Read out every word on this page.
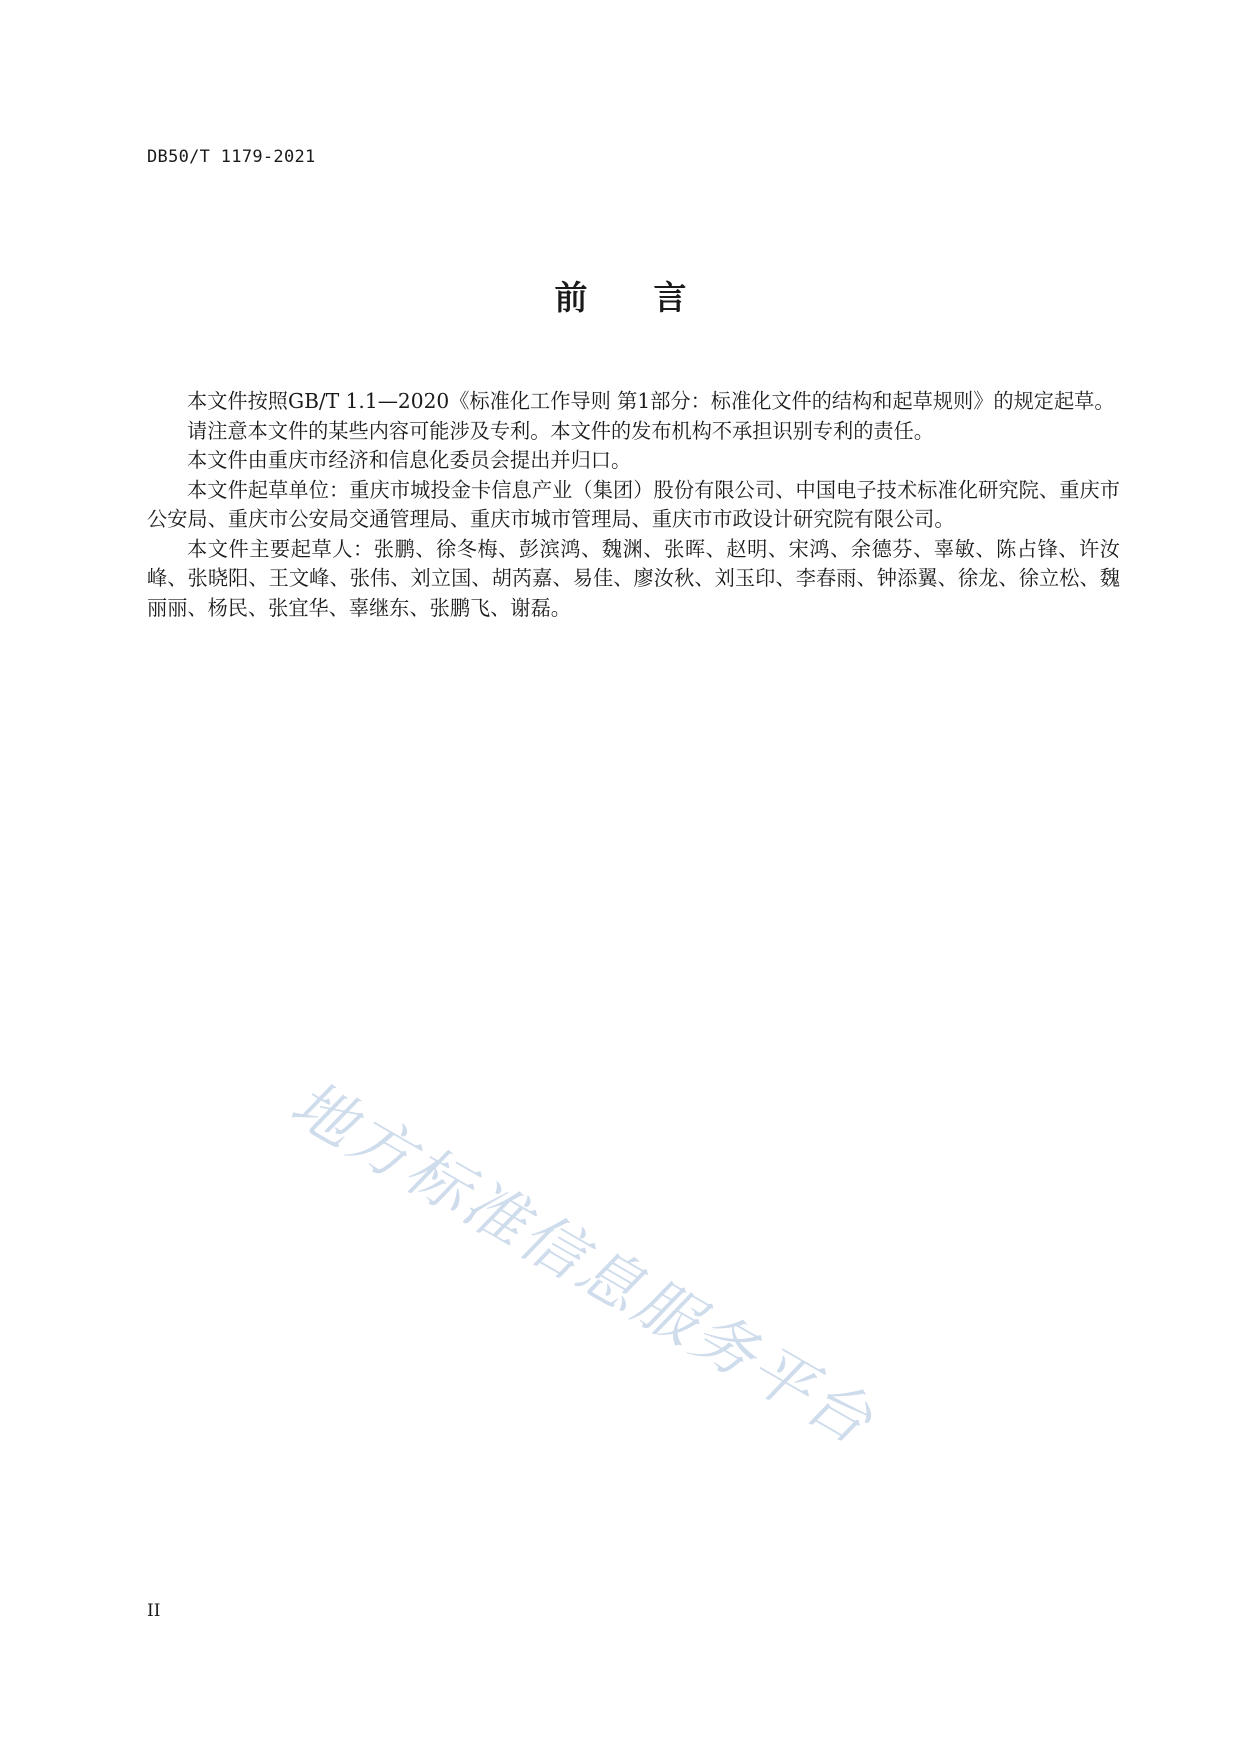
DB50/T 1179-2021
前 言

本文件按照GB/T 1.1—2020《标准化工作导则 第1部分：标准化文件的结构和起草规则》的规定起草。

请注意本文件的某些内容可能涉及专利。本文件的发布机构不承担识别专利的责任。

本文件由重庆市经济和信息化委员会提出并归口。

本文件起草单位：重庆市城投金卡信息产业（集团）股份有限公司、中国电子技术标准化研究院、重庆市公安局、重庆市公安局交通管理局、重庆市城市管理局、重庆市市政设计研究院有限公司。

本文件主要起草人：张鹏、徐冬梅、彭滨鸿、魏渊、张晖、赵明、宋鸿、余德芬、辜敏、陈占锋、许汝峰、张晓阳、王文峰、张伟、刘立国、胡芮嘉、易佳、廖汝秋、刘玉印、李春雨、钟添翼、徐龙、徐立松、魏丽丽、杨民、张宜华、辜继东、张鹏飞、谢磊。

地方标准信息服务平台
II
